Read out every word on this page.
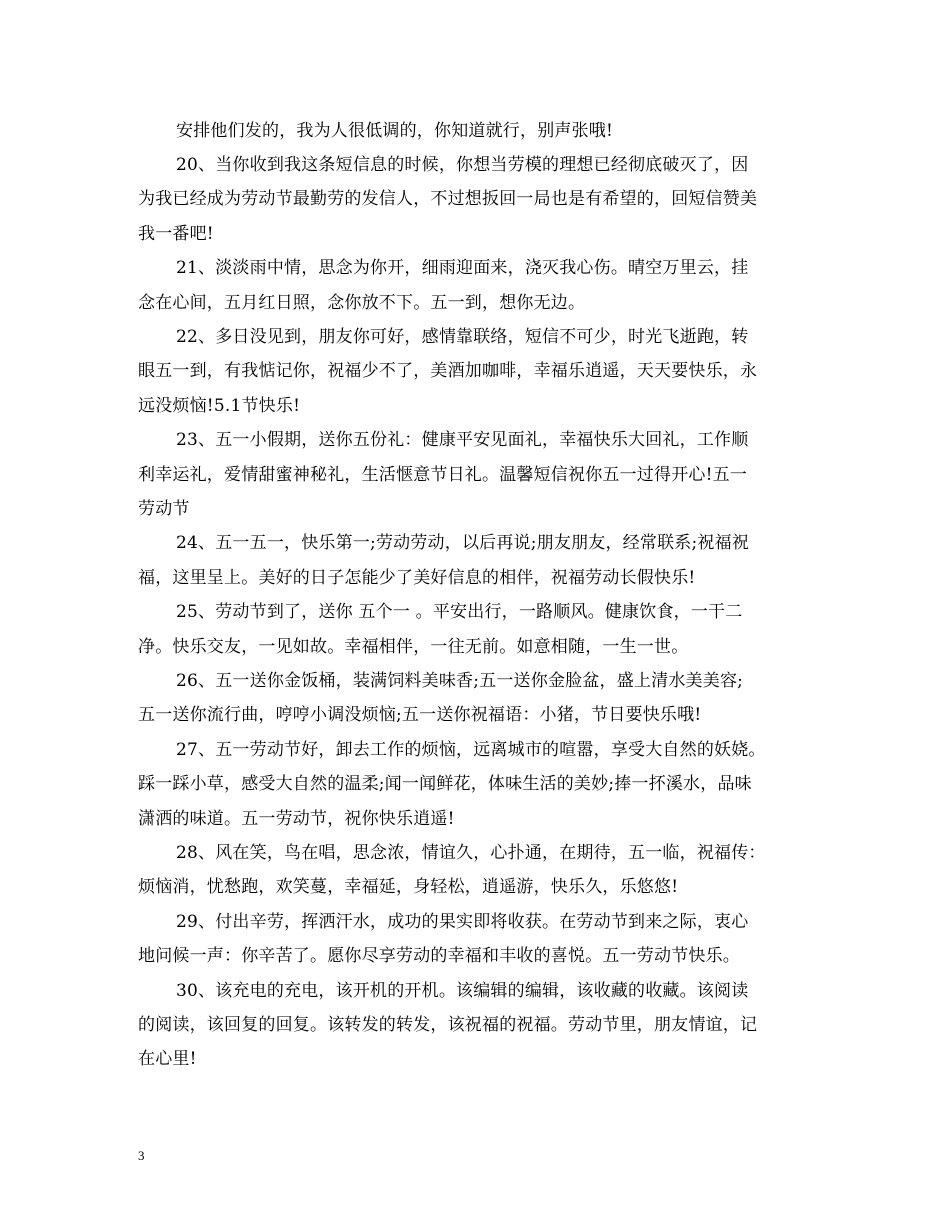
安排他们发的，我为人很低调的，你知道就行，别声张哦!
20、当你收到我这条短信息的时候，你想当劳模的理想已经彻底破灭了，因
为我已经成为劳动节最勤劳的发信人，不过想扳回一局也是有希望的，回短信赞美
我一番吧!
21、淡淡雨中情，思念为你开，细雨迎面来，浇灭我心伤。晴空万里云，挂
念在心间，五月红日照，念你放不下。五一到，想你无边。
22、多日没见到，朋友你可好，感情靠联络，短信不可少，时光飞逝跑，转
眼五一到，有我惦记你，祝福少不了，美酒加咖啡，幸福乐逍遥，天天要快乐，永
远没烦恼!5.1节快乐!
23、五一小假期，送你五份礼：健康平安见面礼，幸福快乐大回礼，工作顺
利幸运礼，爱情甜蜜神秘礼，生活惬意节日礼。温馨短信祝你五一过得开心!五一
劳动节
24、五一五一，快乐第一;劳动劳动，以后再说;朋友朋友，经常联系;祝福祝
福，这里呈上。美好的日子怎能少了美好信息的相伴，祝福劳动长假快乐!
25、劳动节到了，送你 五个一 。平安出行，一路顺风。健康饮食，一干二
净。快乐交友，一见如故。幸福相伴，一往无前。如意相随，一生一世。
26、五一送你金饭桶，装满饲料美味香;五一送你金脸盆，盛上清水美美容;
五一送你流行曲，哼哼小调没烦恼;五一送你祝福语：小猪，节日要快乐哦!
27、五一劳动节好，卸去工作的烦恼，远离城市的喧嚣，享受大自然的妖娆。
踩一踩小草，感受大自然的温柔;闻一闻鲜花，体味生活的美妙;捧一抔溪水，品味
潇洒的味道。五一劳动节，祝你快乐逍遥!
28、风在笑，鸟在唱，思念浓，情谊久，心扑通，在期待，五一临，祝福传：
烦恼消，忧愁跑，欢笑蔓，幸福延，身轻松，逍遥游，快乐久，乐悠悠!
29、付出辛劳，挥洒汗水，成功的果实即将收获。在劳动节到来之际，衷心
地问候一声：你辛苦了。愿你尽享劳动的幸福和丰收的喜悦。五一劳动节快乐。
30、该充电的充电，该开机的开机。该编辑的编辑，该收藏的收藏。该阅读
的阅读，该回复的回复。该转发的转发，该祝福的祝福。劳动节里，朋友情谊，记
在心里!
3
